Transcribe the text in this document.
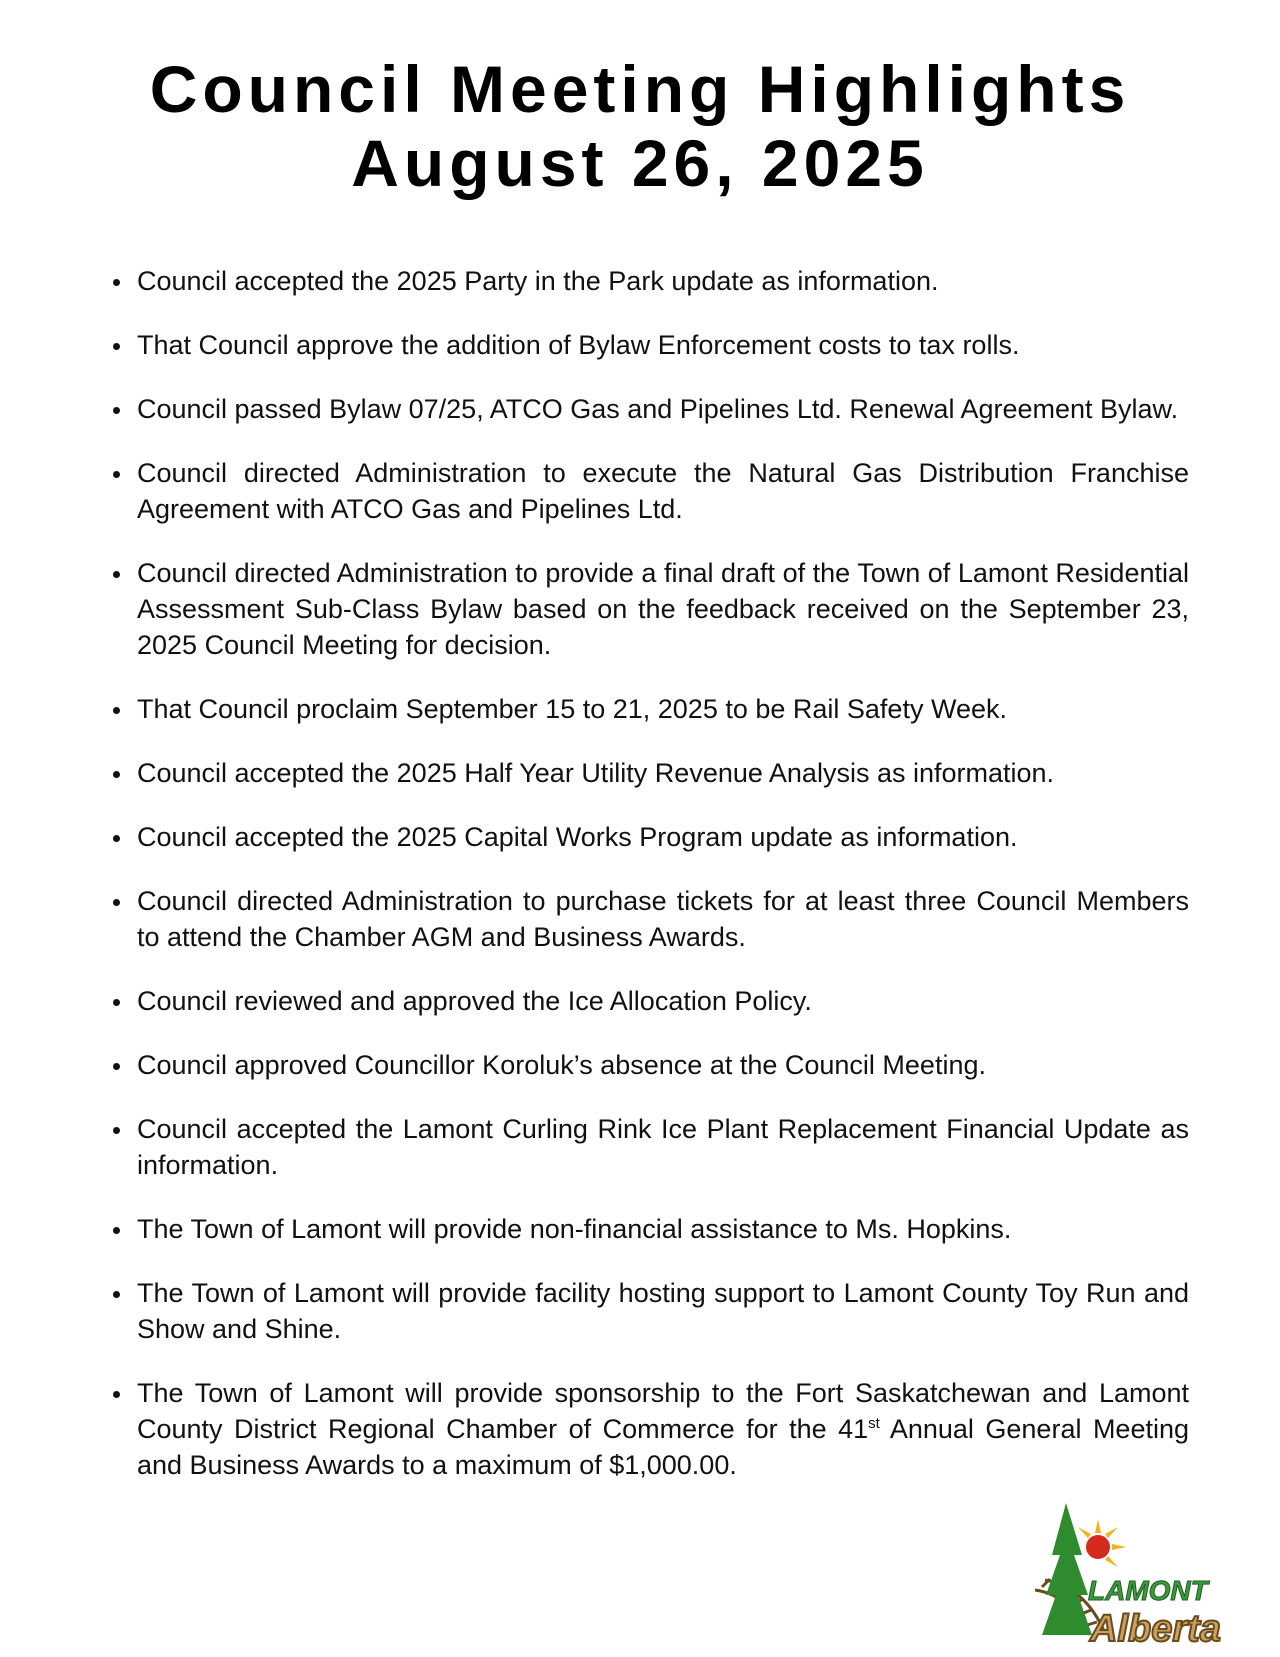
Council Meeting Highlights
August 26, 2025
Council accepted the 2025 Party in the Park update as information.
That Council approve the addition of Bylaw Enforcement costs to tax rolls.
Council passed Bylaw 07/25, ATCO Gas and Pipelines Ltd. Renewal Agreement Bylaw.
Council directed Administration to execute the Natural Gas Distribution Franchise Agreement with ATCO Gas and Pipelines Ltd.
Council directed Administration to provide a final draft of the Town of Lamont Residential Assessment Sub-Class Bylaw based on the feedback received on the September 23, 2025 Council Meeting for decision.
That Council proclaim September 15 to 21, 2025 to be Rail Safety Week.
Council accepted the 2025 Half Year Utility Revenue Analysis as information.
Council accepted the 2025 Capital Works Program update as information.
Council directed Administration to purchase tickets for at least three Council Members to attend the Chamber AGM and Business Awards.
Council reviewed and approved the Ice Allocation Policy.
Council approved Councillor Koroluk’s absence at the Council Meeting.
Council accepted the Lamont Curling Rink Ice Plant Replacement Financial Update as information.
The Town of Lamont will provide non-financial assistance to Ms. Hopkins.
The Town of Lamont will provide facility hosting support to Lamont County Toy Run and Show and Shine.
The Town of Lamont will provide sponsorship to the Fort Saskatchewan and Lamont County District Regional Chamber of Commerce for the 41st Annual General Meeting and Business Awards to a maximum of $1,000.00.
LAMONT
Alberta
